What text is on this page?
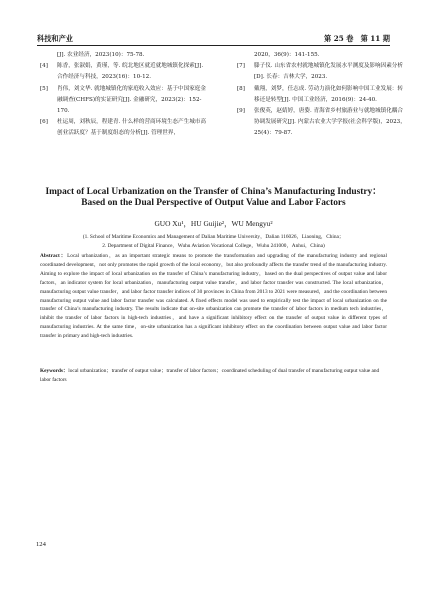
科技和产业	第 25 卷　第 11 期
[J]. 农业经济，2023(10)：75-78.
[4]	陈香，张淑娟，黄瑾，等. 皖北地区就近就地城镇化探索[J]. 合作经济与科技，2023(16)：10-12.
[5]	肖伟，刘文华. 就地城镇化的家庭收入效应：基于中国家庭金融调查(CHFS)的实证研究[J]. 金融研究，2023(2)：152-170.
[6]	杜运周，刘秋辰，程建青. 什么样的营商环境生态产生城市高创业活跃度？基于制度组态的分析[J]. 管理世界，
2020，36(9)：141-155.
[7]	滕子仪. 山东省农村就地城镇化发展水平测度及影响因素分析[D]. 长春：吉林大学，2023.
[8]	戴翔，刘梦，任志成. 劳动力演化如何影响中国工业发展：转移还是转型[J]. 中国工业经济，2016(9)：24-40.
[9]	张俊英，赵婧婷，唐姿. 青海省乡村旅游业与就地城镇化耦合协调发展研究[J]. 内蒙古农业大学学报(社会科学版)，2023，25(4)：79-87.
Impact of Local Urbanization on the Transfer of China’s Manufacturing Industry：
Based on the Dual Perspective of Output Value and Labor Factors
GUO Xu¹，HU Guijie²，WU Mengyu²
(1. School of Maritime Economics and Management of Dalian Maritime University，Dalian 116026，Liaoning，China；
2. Department of Digital Finance，Wuhu Aviation Vocational College，Wuhu 241000，Anhui，China)
Abstract：Local urbanization，as an important strategic means to promote the transformation and upgrading of the manufacturing industry and regional coordinated development，not only promotes the rapid growth of the local economy，but also profoundly affects the transfer trend of the manufacturing industry. Aiming to explore the impact of local urbanization on the transfer of China’s manufacturing industry，based on the dual perspectives of output value and labor factors，an indicator system for local urbanization，manufacturing output value transfer，and labor factor transfer was constructed. The local urbanization，manufacturing output value transfer，and labor factor transfer indices of 30 provinces in China from 2013 to 2021 were measured，and the coordination between manufacturing output value and labor factor transfer was calculated. A fixed effects model was used to empirically test the impact of local urbanization on the transfer of China’s manufacturing industry. The results indicate that on-site urbanization can promote the transfer of labor factors in medium tech industries，inhibit the transfer of labor factors in high-tech industries，and have a significant inhibitory effect on the transfer of output value in different types of manufacturing industries. At the same time，on-site urbanization has a significant inhibitory effect on the coordination between output value and labor factor transfer in primary and high-tech industries.
Keywords：local urbanization；transfer of output value；transfer of labor factors；coordinated scheduling of dual transfer of manufacturing output value and labor factors
124
